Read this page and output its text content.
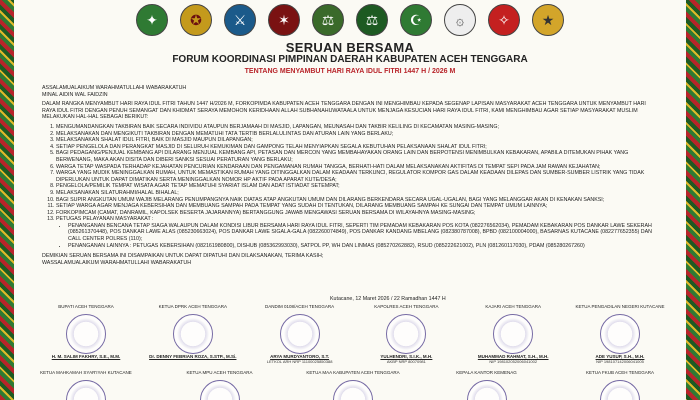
✦	✪	⚔	✶	⚖	⚖	☪	۞	✧	★
SERUAN BERSAMA
FORUM KOORDINASI PIMPINAN DAERAH KABUPATEN ACEH TENGGARA
TENTANG MENYAMBUT HARI RAYA IDUL FITRI 1447 H / 2026 M

ASSALAMUALAIKUM WARAHMATULLAHI WABARAKATUH

MINAL AIDIN WAL FAIDZIN

DALAM RANGKA MENYAMBUT HARI RAYA IDUL FITRI TAHUN 1447 H/2026 M, FORKOPIMDA KABUPATEN ACEH TENGGARA DENGAN INI MENGHIMBAU KEPADA SEGENAP LAPISAN MASYARAKAT ACEH TENGGARA UNTUK MENYAMBUT HARI RAYA IDUL FITRI DENGAN PENUH SEMANGAT DAN KHIDMAT SERAYA MEMOHON KERIDHAAN ALLAH SUBHANAHUWATAALA UNTUK MENJAGA KESUCIAN HARI RAYA IDUL FITRI, KAMI MENGHIMBAU AGAR SETIAP MASYARAKAT MUSLIM MELAKUKAN HAL-HAL SEBAGAI BERIKUT:

1. MENGUMANDANGKAN TAKBIRAN BAIK SECARA INDIVIDU ATAUPUN BERJAMAAH DI MASJID, LAPANGAN, MEUNASAH DAN TAKBIR KELILING DI KECAMATAN MASING-MASING;
2. MELAKSANAKAN DAN MENGIKUTI TAKBIRAN DENGAN MEMATUHI TATA TERTIB BERLALULINTAS DAN ATURAN LAIN YANG BERLAKU;
3. MELAKSANAKAN SHALAT IDUL FITRI, BAIK DI MASJID MAUPUN DILAPANGAN;
4. SETIAP PENGELOLA DAN PERANGKAT MASJID DI SELURUH KEMUKIMAN DAN GAMPONG TELAH MENYIAPKAN SEGALA KEBUTUHAN PELAKSANAAN SHALAT IDUL FITRI;
5. BAGI PEDAGANG/PENJUAL KEMBANG API DILARANG MENJUAL KEMBANG API, PETASAN DAN MERCON YANG MEMBAHAYAKAN ORANG LAIN DAN BERPOTENSI MENIMBULKAN KEBAKARAN, APABILA DITEMUKAN PIHAK YANG BERWENANG, MAKA AKAN DISITA DAN DIBERI SANKSI SESUAI PERATURAN YANG BERLAKU;
6. WARGA TETAP WASPADA TERHADAP KEJAHATAN PENCURIAN KENDARAAN DAN PENGAMANAN RUMAH TANGGA, BERHATI-HATI DALAM MELAKSANAKAN AKTIFITAS DI TEMPAT SEPI PADA JAM RAWAN KEJAHATAN;
7. WARGA YANG MUDIK MENINGGALKAN RUMAH, UNTUK MEMASTIKAN RUMAH YANG DITINGGALKAN DALAM KEADAAN TERKUNCI, REGULATOR KOMPOR GAS DALAM KEADAAN DILEPAS DAN SUMBER-SUMBER LISTRIK YANG TIDAK DIPERLUKAN UNTUK DAPAT DIMATIKAN SERTA MENINGGALKAN NOMOR HP AKTIF PADA APARAT KUTE/DESA;
8. PENGELOLA/PEMILIK TEMPAT WISATA AGAR TETAP MEMATUHI SYARIAT ISLAM DAN ADAT ISTIADAT SETEMPAT;
9. MELAKSANAKAN SILATURAHMI/HALAL BIHALAL;
10. BAGI SUPIR ANGKUTAN UMUM WAJIB MELARANG PENUMPANGNYA NAIK DIATAS ATAP ANGKUTAN UMUM DAN DILARANG BERKENDARA SECARA UGAL-UGALAN, BAGI YANG MELANGGAR AKAN DI KENAKAN SANKSI;
11. SETIAP WARGA AGAR MENJAGA KEBERSIHAN DAN MEMBUANG SAMPAH PADA TEMPAT YANG SUDAH DI TENTUKAN, DILARANG MEMBUANG SAMPAH KE SUNGAI DAN TEMPAT UMUM LAINNYA;
12. FORKOPIMCAM (CAMAT, DANRAMIL, KAPOLSEK BESERTA JAJARANNYA) BERTANGGUNG JAWAB MENGAWASI SERUAN BERSAMA DI WILAYAHNYA MASING-MASING;
13. PETUGAS PELAYANAN MASYARAKAT :
• PENANGANAN BENCANA TETAP SIAGA WALAUPUN DALAM KONDISI LIBUR BERSAMA HARI RAYA IDUL FITRI, SEPERTI TIM PEMADAM KEBAKARAN POS KOTA (082276562034), PEMADAM KEBAKARAN POS DANKAR LAWE SEKERAH (085261370448), POS DANKAR LAWE ALAS (085230663024), POS DANKAR LAWE SIGALA-GALA (082260074849), POS DANKAR KANDANG MBELANG (082380787008), BPBD (082100004000), BASARNAS KUTACANE (082277652355) DAN CALL CENTER POLRES (110);
• PENANGANAN LAINNYA : PETUGAS KEBERSIHAN (082161980800), DISHUB (085362993030), SATPOL PP, WH DAN LINMAS (085270262882), RSUD (085222621002), PLN (081260117030), PDAM (085280267260)

DEMIKIAN SERUAN BERSAMA INI DISAMPAIKAN UNTUK DAPAT DIPATUHI DAN DILAKSANAKAN, TERIMA KASIH;

WASSALAMUALAIKUM WARAHMATULLAHI WABARAKATUH

Kutacane, 12 Maret 2026 / 22 Ramadhan 1447 H
BUPATI ACEH TENGGARA
H. M. SALIM FAKHRY, S.E., M.M.
KETUA DPRK ACEH TENGGARA
Dr. DENNY FEBRIAN ROZA, S.STP., M.Si.
DANDIM 0108/ACEH TENGGARA
ARYA MURDYANTORO, S.T.
LETKOL ARH NRP 11100025850388
KAPOLRES ACEH TENGGARA
YULHENDRI, S.I.K., M.H.
AKBP NRP 80070981
KAJARI ACEH TENGGARA
MUHAMMAD RAHMAT, S.H., M.H.
NIP 198102052006041002
KETUA PENGADILAN NEGERI KUTACANE
ADE YUSUP, S.H., M.H.
NIP 198107142006041005
KETUA MAHKAMAH SYAR'IYAH KUTACANE	KETUA MPU ACEH TENGGARA	KETUA MAA KABUPATEN ACEH TENGGARA	KEPALA KANTOR KEMENAG	KETUA FKUB ACEH TENGGARA
